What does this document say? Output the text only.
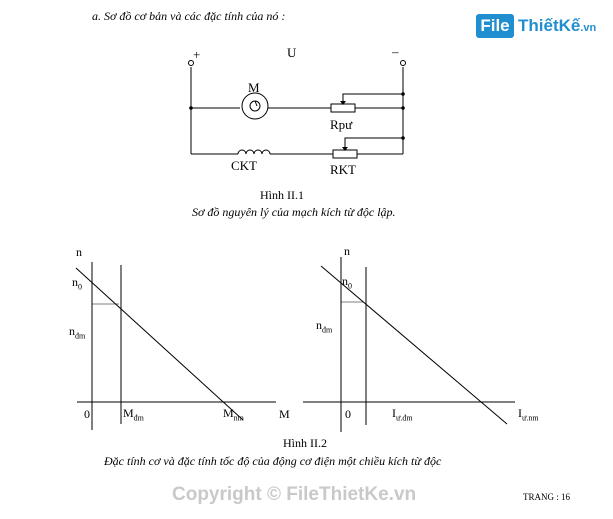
a. Sơ đồ cơ bản và các đặc tính của nó :	File ThiếtKế.vn
+	U	–
M
Rpư
CKT	RKT
Hình II.1
Sơ đồ nguyên lý của mạch kích từ độc lập.
n
$n_0$
$n_{đm}$
0	$M_{đm}$	$M_{nm}$	M
n
$n_0$
$n_{đm}$
0	$I_{ư.đm}$	$I_{ư.nm}$
Hình II.2
Đặc tính cơ và đặc tính tốc độ của động cơ điện một chiều kích từ độc
Copyright © FileThietKe.vn	TRANG : 16
